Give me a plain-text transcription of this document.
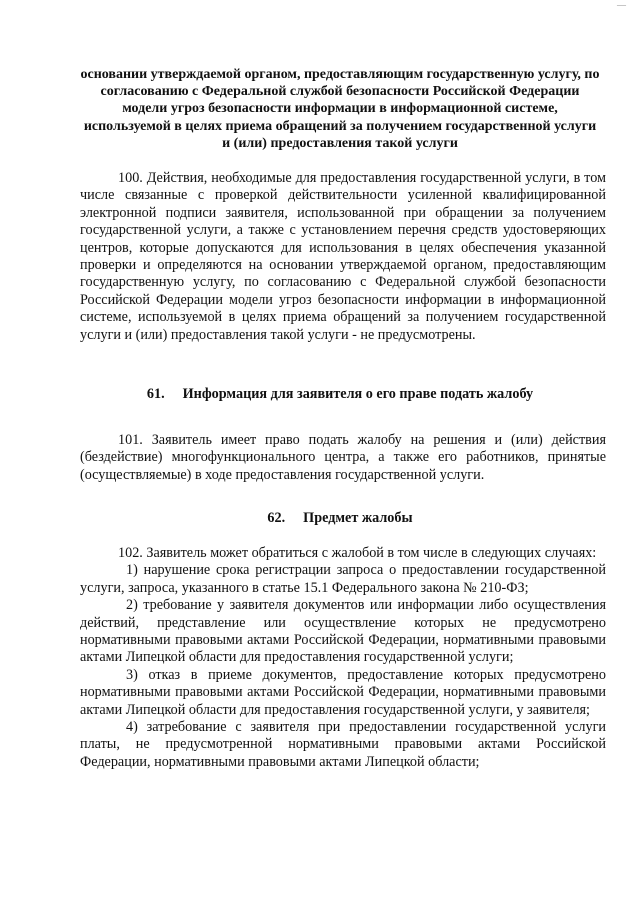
—
основании утверждаемой органом, предоставляющим государственную услугу, по согласованию с Федеральной службой безопасности Российской Федерации модели угроз безопасности информации в информационной системе, используемой в целях приема обращений за получением государственной услуги и (или) предоставления такой услуги
100. Действия, необходимые для предоставления государственной услуги, в том числе связанные с проверкой действительности усиленной квалифицированной электронной подписи заявителя, использованной при обращении за получением государственной услуги, а также с установлением перечня средств удостоверяющих центров, которые допускаются для использования в целях обеспечения указанной проверки и определяются на основании утверждаемой органом, предоставляющим государственную услугу, по согласованию с Федеральной службой безопасности Российской Федерации модели угроз безопасности информации в информационной системе, используемой в целях приема обращений за получением государственной услуги и (или) предоставления такой услуги - не предусмотрены.
61. Информация для заявителя о его праве подать жалобу
101. Заявитель имеет право подать жалобу на решения и (или) действия (бездействие) многофункционального центра, а также его работников, принятые (осуществляемые) в ходе предоставления государственной услуги.
62. Предмет жалобы
102. Заявитель может обратиться с жалобой в том числе в следующих случаях:
1) нарушение срока регистрации запроса о предоставлении государственной услуги, запроса, указанного в статье 15.1 Федерального закона № 210-ФЗ;
2) требование у заявителя документов или информации либо осуществления действий, представление или осуществление которых не предусмотрено нормативными правовыми актами Российской Федерации, нормативными правовыми актами Липецкой области для предоставления государственной услуги;
3) отказ в приеме документов, предоставление которых предусмотрено нормативными правовыми актами Российской Федерации, нормативными правовыми актами Липецкой области для предоставления государственной услуги, у заявителя;
4) затребование с заявителя при предоставлении государственной услуги платы, не предусмотренной нормативными правовыми актами Российской Федерации, нормативными правовыми актами Липецкой области;
